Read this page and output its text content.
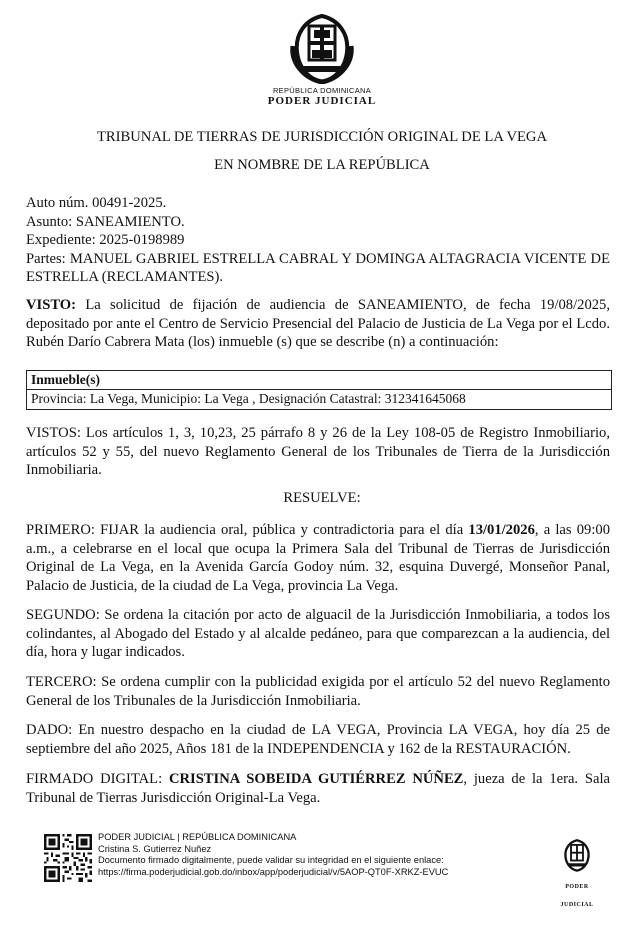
REPÚBLICA DOMINICANA
PODER JUDICIAL
TRIBUNAL DE TIERRAS DE JURISDICCIÓN ORIGINAL DE LA VEGA
EN NOMBRE DE LA REPÚBLICA

Auto núm. 00491-2025.

Asunto: SANEAMIENTO.

Expediente: 2025-0198989

Partes: MANUEL GABRIEL ESTRELLA CABRAL Y DOMINGA ALTAGRACIA VICENTE DE ESTRELLA (RECLAMANTES).

VISTO: La solicitud de fijación de audiencia de SANEAMIENTO, de fecha 19/08/2025, depositado por ante el Centro de Servicio Presencial del Palacio de Justicia de La Vega por el Lcdo. Rubén Darío Cabrera Mata (los) inmueble (s) que se describe (n) a continuación:

Inmueble(s)
Provincia: La Vega, Municipio: La Vega , Designación Catastral: 312341645068

VISTOS: Los artículos 1, 3, 10,23, 25 párrafo 8 y 26 de la Ley 108-05 de Registro Inmobiliario, artículos 52 y 55, del nuevo Reglamento General de los Tribunales de Tierra de la Jurisdicción Inmobiliaria.

RESUELVE:

PRIMERO: FIJAR la audiencia oral, pública y contradictoria para el día 13/01/2026, a las 09:00 a.m., a celebrarse en el local que ocupa la Primera Sala del Tribunal de Tierras de Jurisdicción Original de La Vega, en la Avenida García Godoy núm. 32, esquina Duvergé, Monseñor Panal, Palacio de Justicia, de la ciudad de La Vega, provincia La Vega.

SEGUNDO: Se ordena la citación por acto de alguacil de la Jurisdicción Inmobiliaria, a todos los colindantes, al Abogado del Estado y al alcalde pedáneo, para que comparezcan a la audiencia, del día, hora y lugar indicados.

TERCERO: Se ordena cumplir con la publicidad exigida por el artículo 52 del nuevo Reglamento General de los Tribunales de la Jurisdicción Inmobiliaria.

DADO: En nuestro despacho en la ciudad de LA VEGA, Provincia LA VEGA, hoy día 25 de septiembre del año 2025, Años 181 de la INDEPENDENCIA y 162 de la RESTAURACIÓN.

FIRMADO DIGITAL: CRISTINA SOBEIDA GUTIÉRREZ NÚÑEZ, jueza de la 1era. Sala Tribunal de Tierras Jurisdicción Original-La Vega.

PODER JUDICIAL | REPÚBLICA DOMINICANA
Cristina S. Gutierrez Nuñez
Documento firmado digitalmente, puede validar su integridad en el siguiente enlace:
https://firma.poderjudicial.gob.do/inbox/app/poderjudicial/v/5AOP-QT0F-XRKZ-EVUC
PODER JUDICIAL
